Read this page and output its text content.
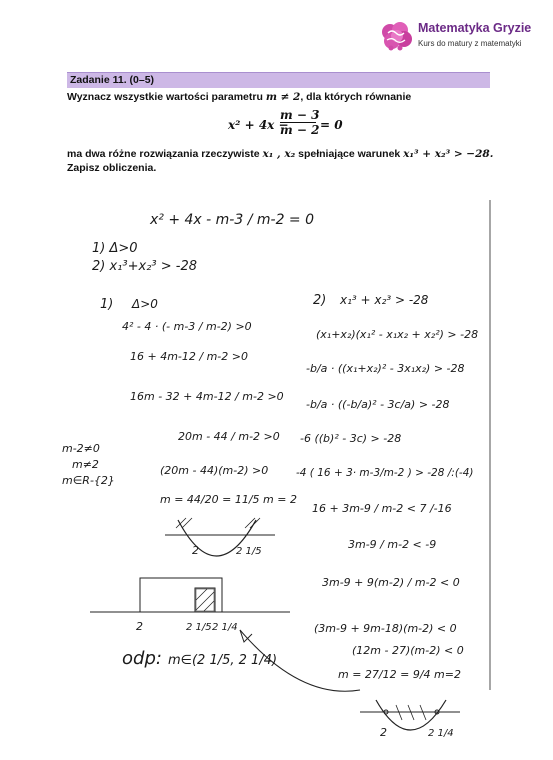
Matematyka Gryzie
Kurs do matury z matematyki
Zadanie 11. (0–5)
Wyznacz wszystkie wartości parametru m ≠ 2, dla których równanie
x² + 4x −
$\frac{m - 3}{m - 2} = 0$
ma dwa różne rozwiązania rzeczywiste x₁ , x₂ spełniające warunek x₁³ + x₂³ > −28.
Zapisz obliczenia.
x² + 4x - m-3 / m-2 = 0
1) Δ>0
2) x₁³+x₂³ > -28
1) Δ>0
4² - 4 · (- m-3 / m-2) >0
16 + 4m-12 / m-2 >0
16m - 32 + 4m-12 / m-2 >0
20m - 44 / m-2 >0
(20m - 44)(m-2) >0
m = 44/20 = 11/5 m = 2
m-2≠0
m≠2
m∈R-{2}
2	2 1/5
2	2 1/5 2 1/4
odp: m∈(2 1/5, 2 1/4)
2) x₁³ + x₂³ > -28
(x₁+x₂)(x₁² - x₁x₂ + x₂²) > -28
-b/a · ((x₁+x₂)² - 3x₁x₂) > -28
-b/a · ((-b/a)² - 3c/a) > -28
-6 ((b)² - 3c) > -28
-4 ( 16 + 3· m-3/m-2 ) > -28 /:(-4)
16 + 3m-9 / m-2 < 7 /-16
3m-9 / m-2 < -9
3m-9 + 9(m-2) / m-2 < 0
(3m-9 + 9m-18)(m-2) < 0
(12m - 27)(m-2) < 0
m = 27/12 = 9/4 m=2
2	2 1/4
